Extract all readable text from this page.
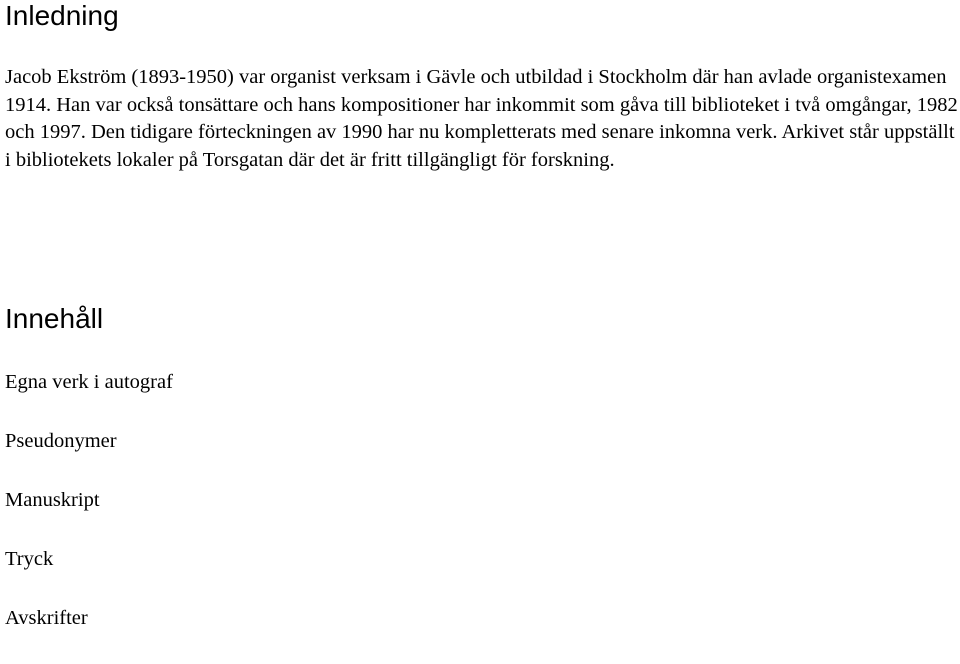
Inledning

Jacob Ekström (1893-1950) var organist verksam i Gävle och utbildad i Stockholm där han avlade organistexamen 1914. Han var också tonsättare och hans kompositioner har inkommit som gåva till biblioteket i två omgångar, 1982 och 1997. Den tidigare förteckningen av 1990 har nu kompletterats med senare inkomna verk. Arkivet står uppställt i bibliotekets lokaler på Torsgatan där det är fritt tillgängligt för forskning.

Innehåll
Egna verk i autograf
Pseudonymer
Manuskript
Tryck
Avskrifter
